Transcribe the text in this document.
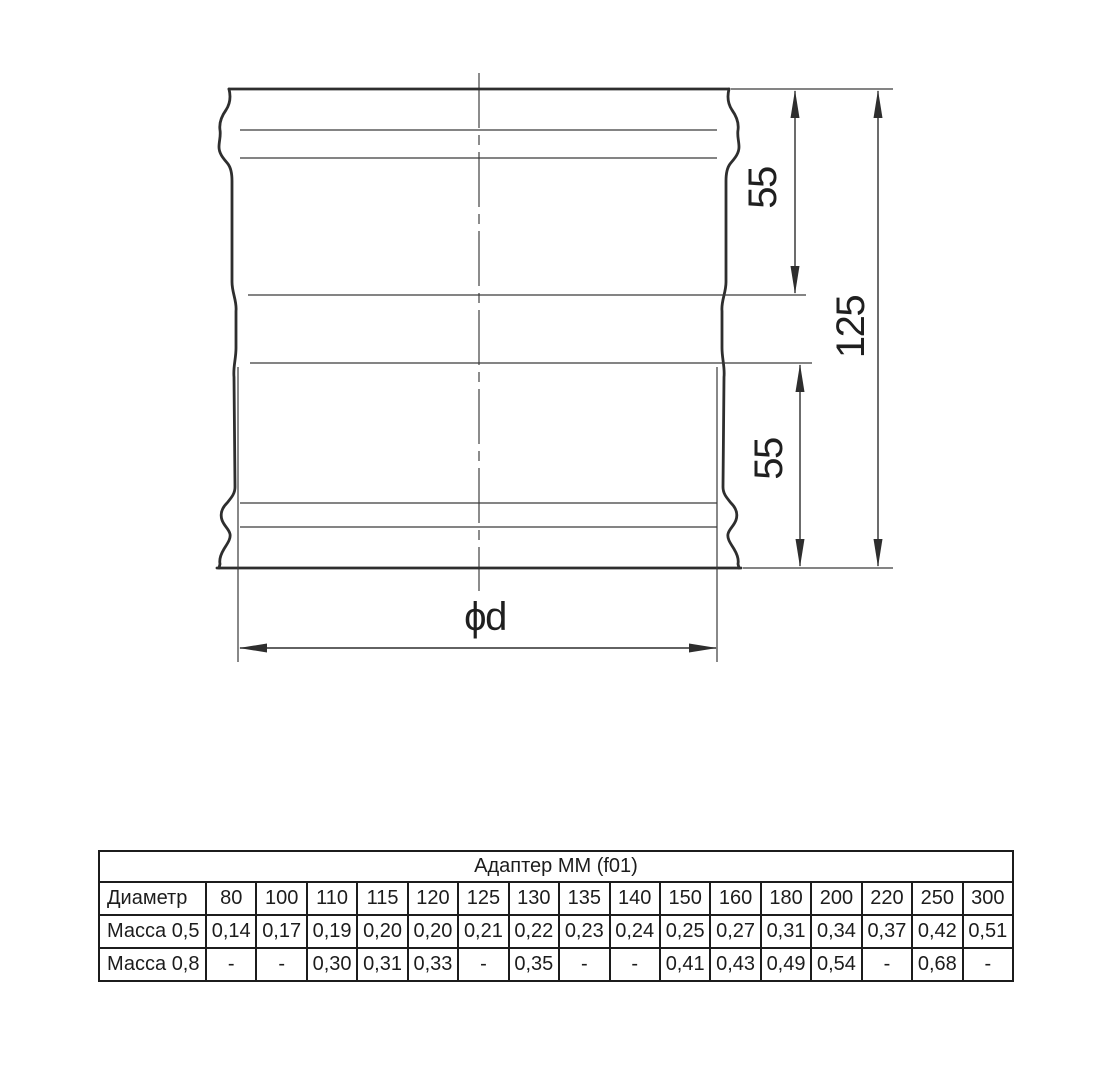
55
55
125
ϕd
Адаптер ММ (f01)																
Диаметр	80	100	110	115	120	125	130	135	140	150	160	180	200	220	250	300
Масса 0,5	0,14	0,17	0,19	0,20	0,20	0,21	0,22	0,23	0,24	0,25	0,27	0,31	0,34	0,37	0,42	0,51
Масса 0,8	-	-	0,30	0,31	0,33	-	0,35	-	-	0,41	0,43	0,49	0,54	-	0,68	-
